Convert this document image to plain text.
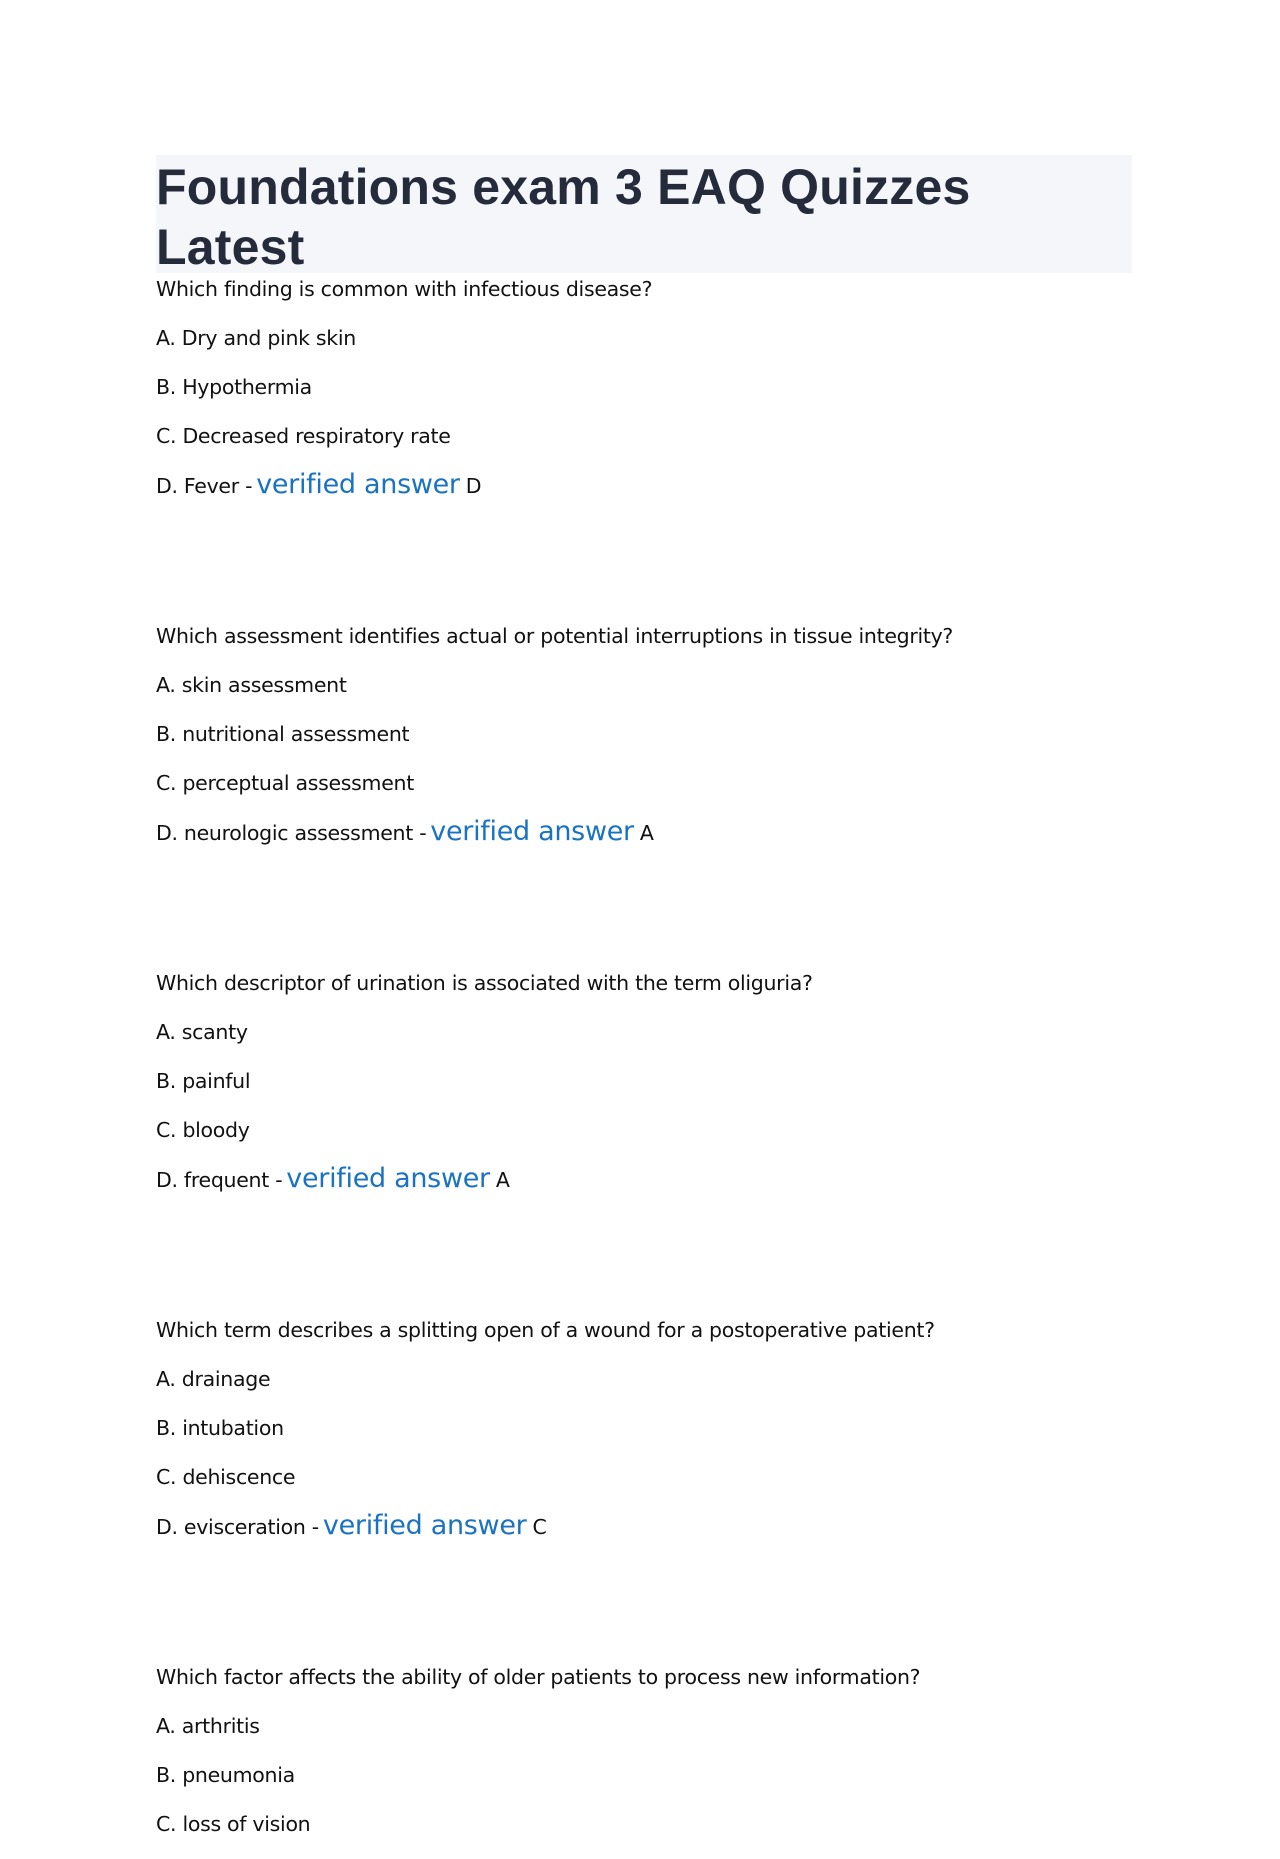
Foundations exam 3 EAQ Quizzes Latest

Which finding is common with infectious disease?

A. Dry and pink skin

B. Hypothermia

C. Decreased respiratory rate

D. Fever - verified answer D

Which assessment identifies actual or potential interruptions in tissue integrity?

A. skin assessment

B. nutritional assessment

C. perceptual assessment

D. neurologic assessment - verified answer A

Which descriptor of urination is associated with the term oliguria?

A. scanty

B. painful

C. bloody

D. frequent - verified answer A

Which term describes a splitting open of a wound for a postoperative patient?

A. drainage

B. intubation

C. dehiscence

D. evisceration - verified answer C

Which factor affects the ability of older patients to process new information?

A. arthritis

B. pneumonia

C. loss of vision
